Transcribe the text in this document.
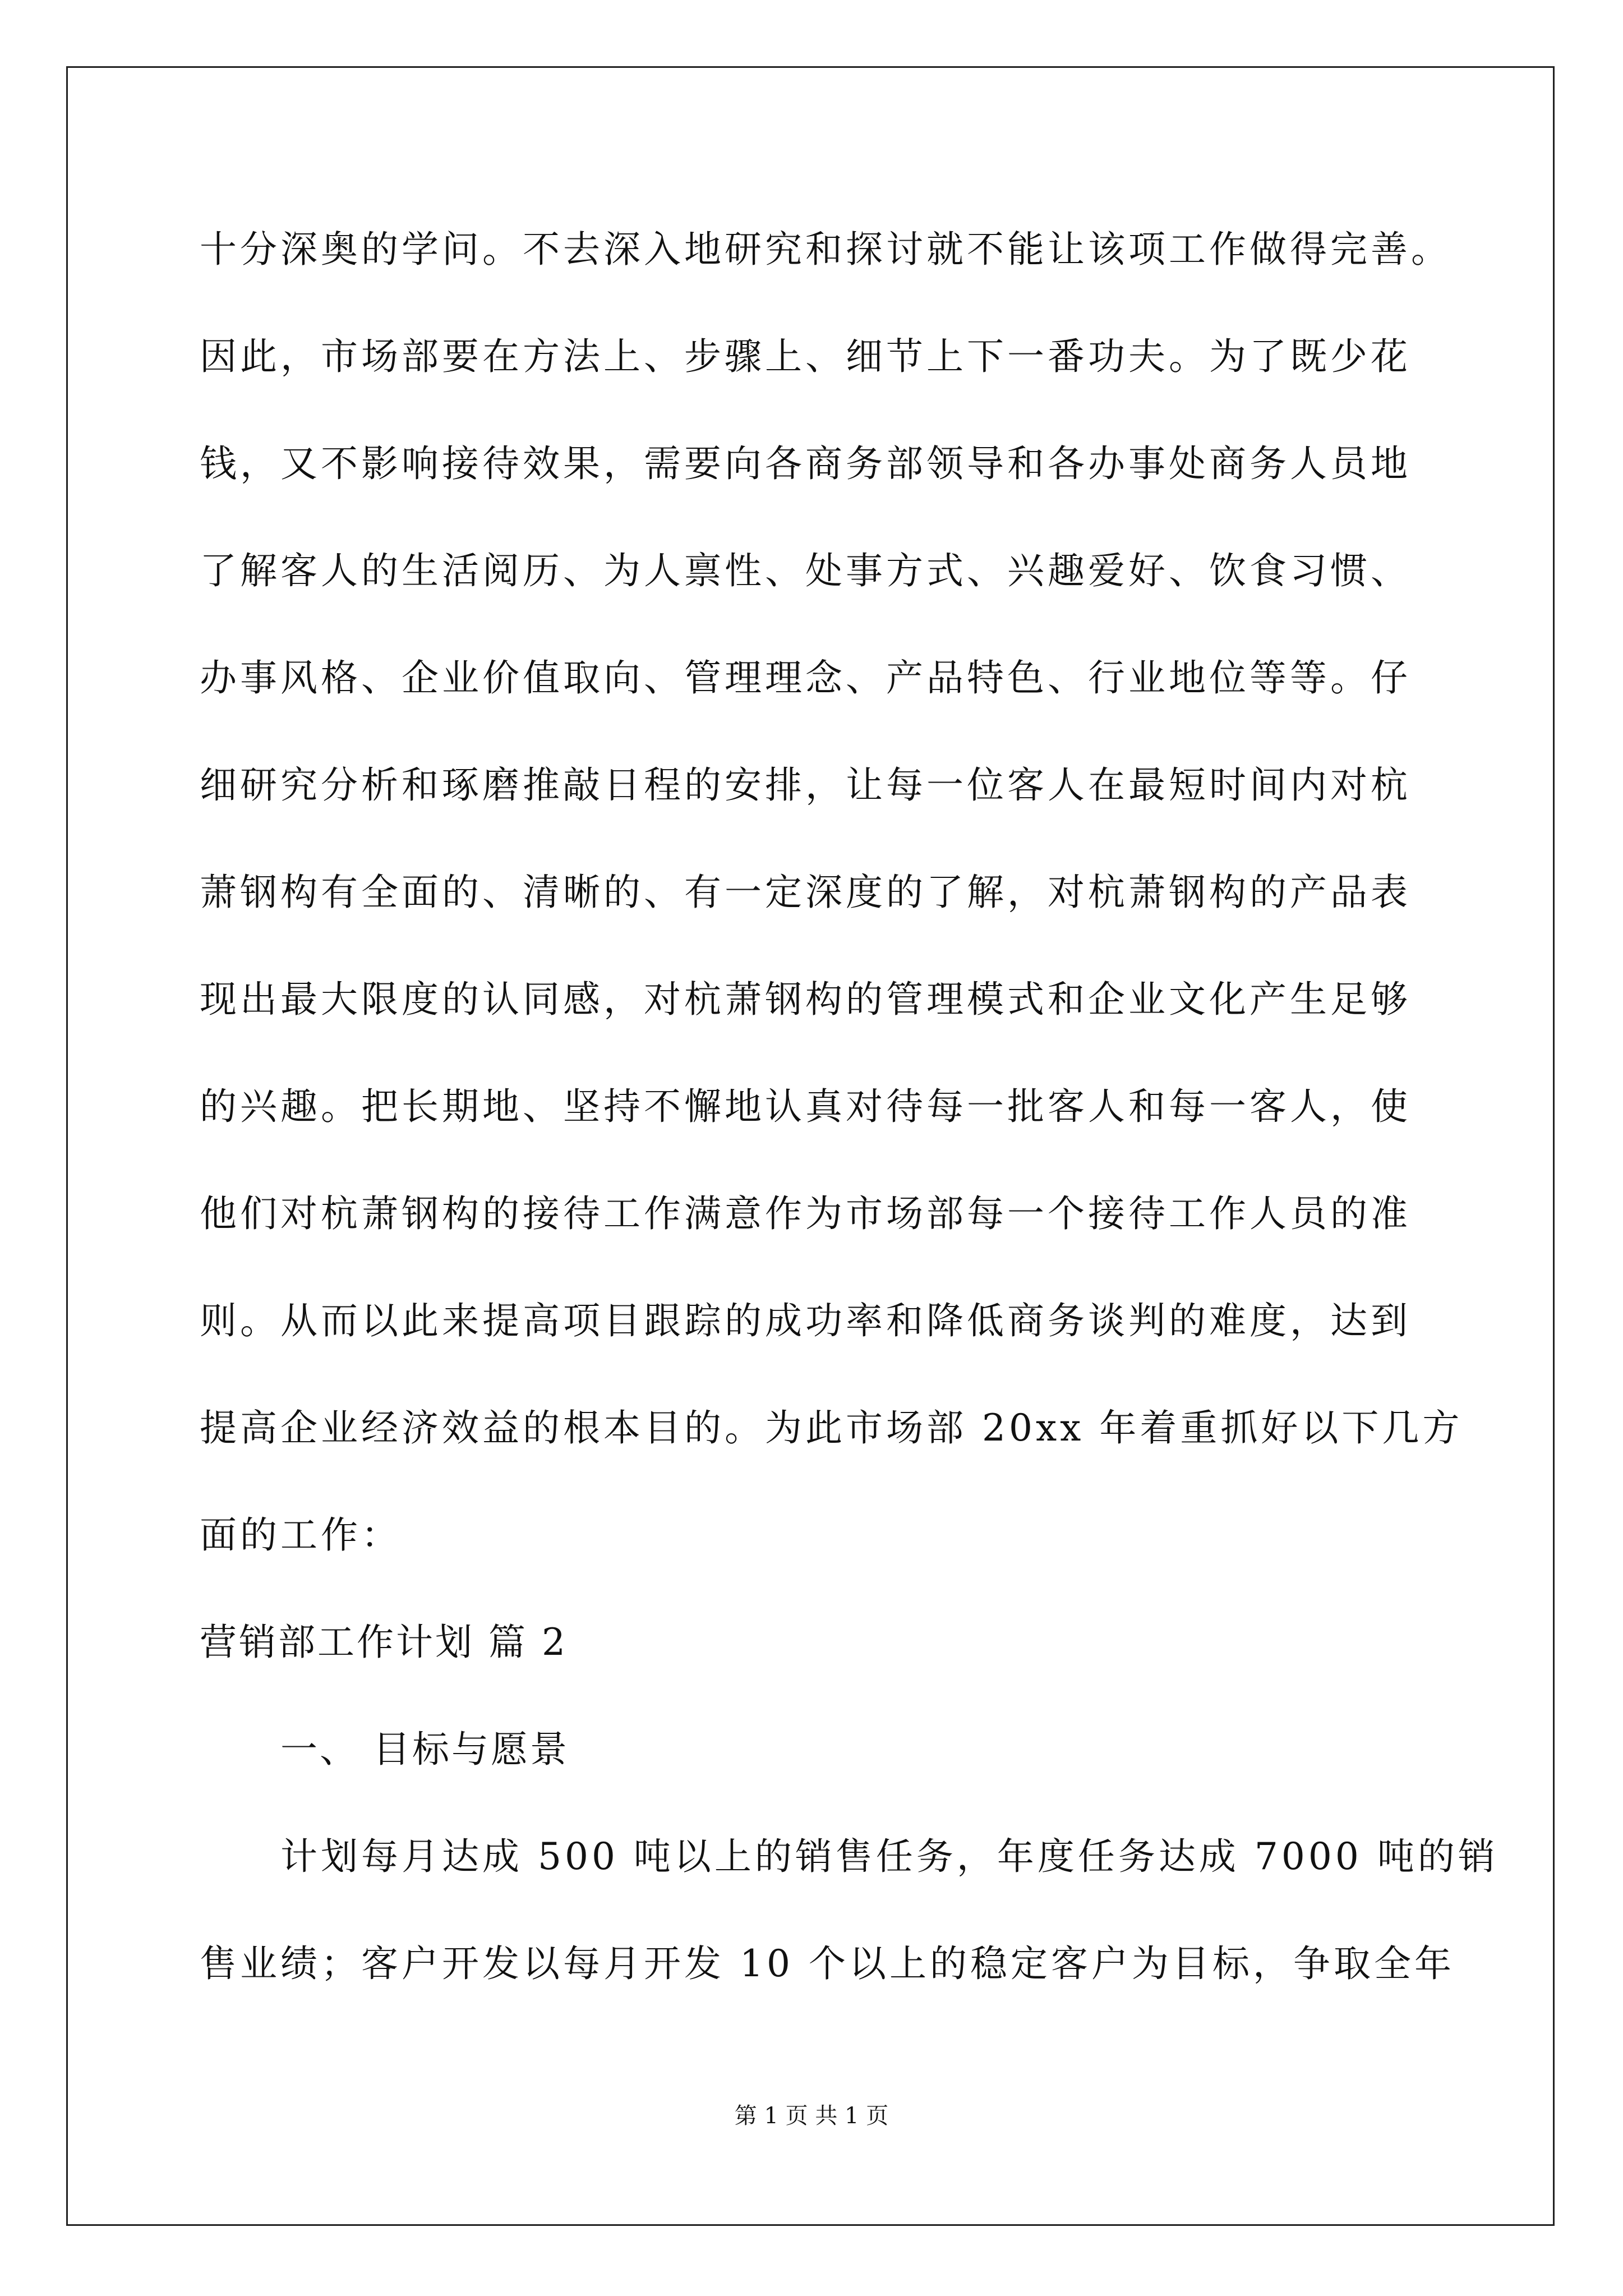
十分深奥的学问。不去深入地研究和探讨就不能让该项工作做得完善。
因此，市场部要在方法上、步骤上、细节上下一番功夫。为了既少花
钱，又不影响接待效果，需要向各商务部领导和各办事处商务人员地
了解客人的生活阅历、为人禀性、处事方式、兴趣爱好、饮食习惯、
办事风格、企业价值取向、管理理念、产品特色、行业地位等等。仔
细研究分析和琢磨推敲日程的安排，让每一位客人在最短时间内对杭
萧钢构有全面的、清晰的、有一定深度的了解，对杭萧钢构的产品表
现出最大限度的认同感，对杭萧钢构的管理模式和企业文化产生足够
的兴趣。把长期地、坚持不懈地认真对待每一批客人和每一客人，使
他们对杭萧钢构的接待工作满意作为市场部每一个接待工作人员的准
则。从而以此来提高项目跟踪的成功率和降低商务谈判的难度，达到
提高企业经济效益的根本目的。为此市场部 20xx 年着重抓好以下几方
面的工作：
营销部工作计划 篇 2
一、 目标与愿景
计划每月达成 500 吨以上的销售任务，年度任务达成 7000 吨的销
售业绩；客户开发以每月开发 10 个以上的稳定客户为目标，争取全年
第 1 页 共 1 页
